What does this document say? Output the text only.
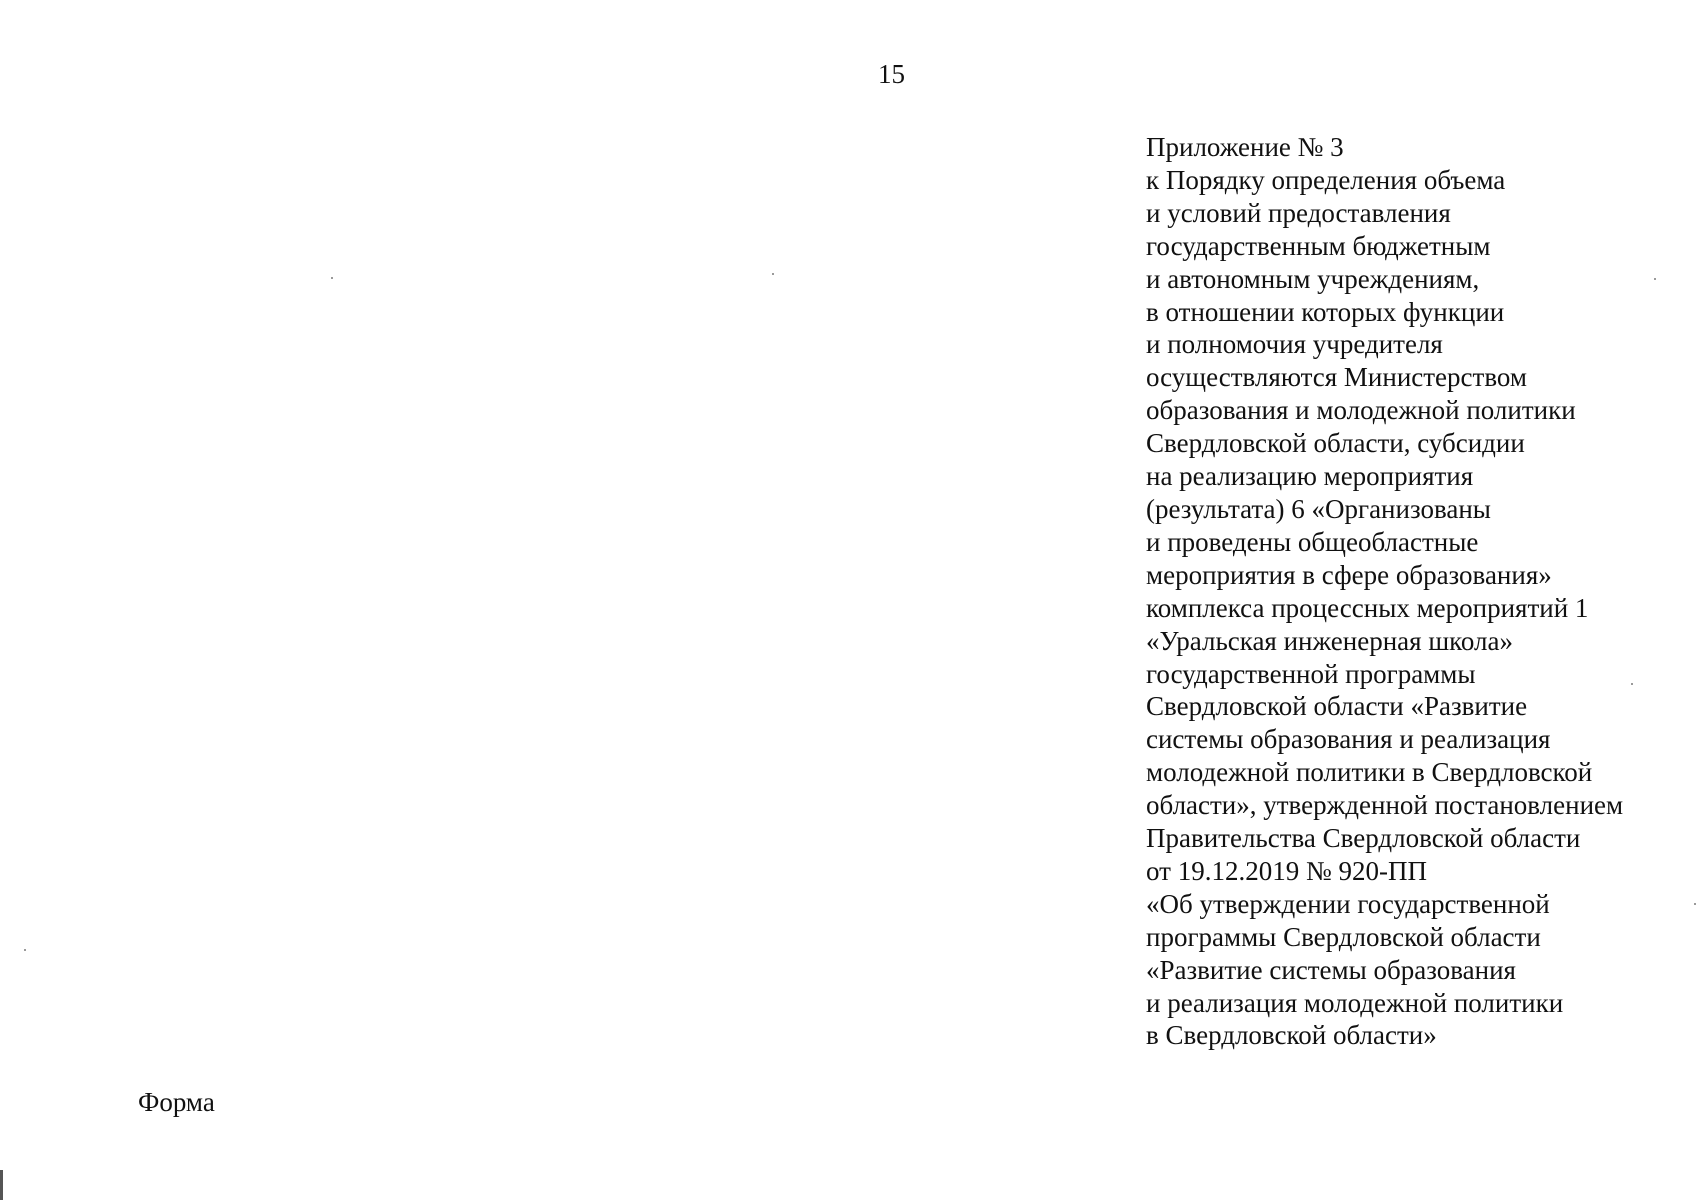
15
Приложение № 3
к Порядку определения объема
и условий предоставления
государственным бюджетным
и автономным учреждениям,
в отношении которых функции
и полномочия учредителя
осуществляются Министерством
образования и молодежной политики
Свердловской области, субсидии
на реализацию мероприятия
(результата) 6 «Организованы
и проведены общеобластные
мероприятия в сфере образования»
комплекса процессных мероприятий 1
«Уральская инженерная школа»
государственной программы
Свердловской области «Развитие
системы образования и реализация
молодежной политики в Свердловской
области», утвержденной постановлением
Правительства Свердловской области
от 19.12.2019 № 920-ПП
«Об утверждении государственной
программы Свердловской области
«Развитие системы образования
и реализация молодежной политики
в Свердловской области»
Форма
